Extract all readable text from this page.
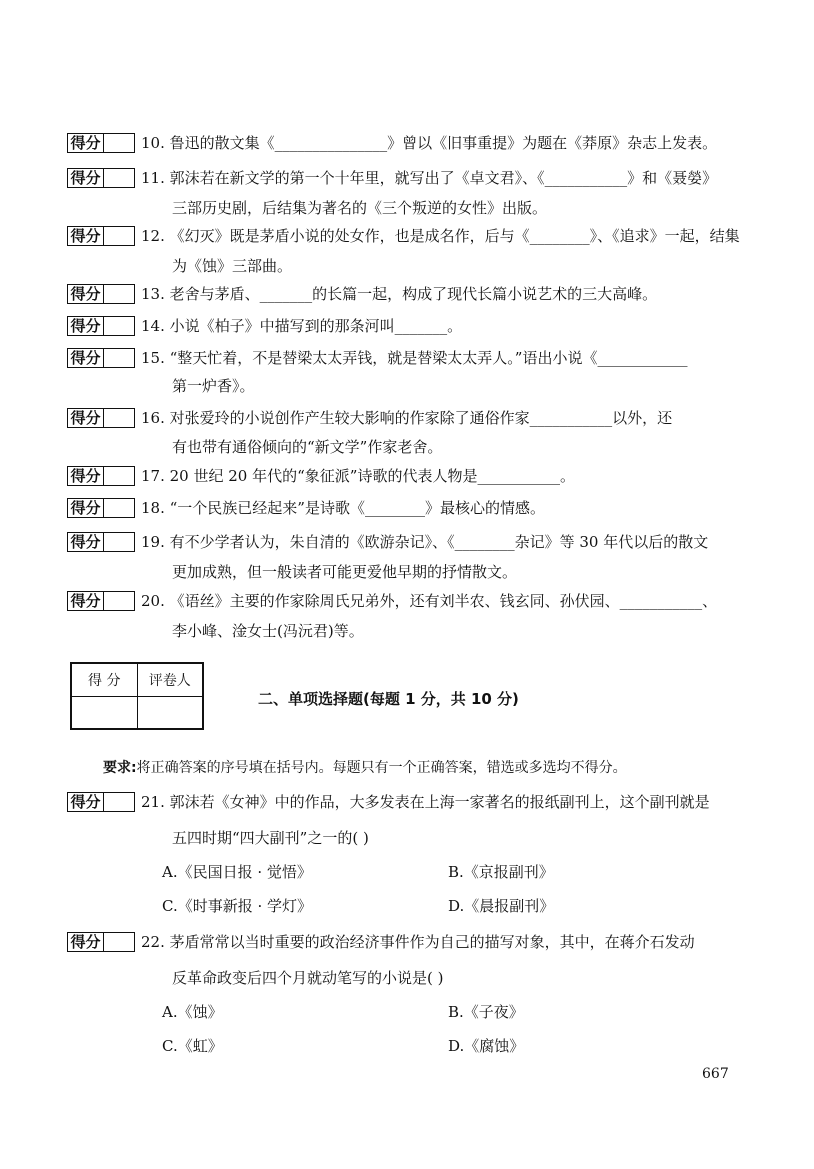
得分	10. 鲁迅的散文集《_______________》曾以《旧事重提》为题在《莽原》杂志上发表。
得分	11. 郭沫若在新文学的第一个十年里，就写出了《卓文君》、《___________》和《聂嫈》
三部历史剧，后结集为著名的《三个叛逆的女性》出版。
得分	12. 《幻灭》既是茅盾小说的处女作，也是成名作，后与《________》、《追求》一起，结集
为《蚀》三部曲。
得分	13. 老舍与茅盾、_______的长篇一起，构成了现代长篇小说艺术的三大高峰。
得分	14. 小说《柏子》中描写到的那条河叫_______。
得分	15. “整天忙着，不是替梁太太弄钱，就是替梁太太弄人。”语出小说《____________
第一炉香》。
得分	16. 对张爱玲的小说创作产生较大影响的作家除了通俗作家___________以外，还
有也带有通俗倾向的“新文学”作家老舍。
得分	17. 20 世纪 20 年代的“象征派”诗歌的代表人物是___________。
得分	18. “一个民族已经起来”是诗歌《________》最核心的情感。
得分	19. 有不少学者认为，朱自清的《欧游杂记》、《________杂记》等 30 年代以后的散文
更加成熟，但一般读者可能更爱他早期的抒情散文。
得分	20. 《语丝》主要的作家除周氏兄弟外，还有刘半农、钱玄同、孙伏园、___________、
李小峰、淦女士(冯沅君)等。
得 分	评卷人

二、单项选择题(每题 1 分，共 10 分)
要求:将正确答案的序号填在括号内。每题只有一个正确答案，错选或多选均不得分。
得分	21. 郭沫若《女神》中的作品，大多发表在上海一家著名的报纸副刊上，这个副刊就是
五四时期“四大副刊”之一的( )
A.《民国日报 · 觉悟》	B.《京报副刊》
C.《时事新报 · 学灯》	D.《晨报副刊》
得分	22. 茅盾常常以当时重要的政治经济事件作为自己的描写对象，其中，在蒋介石发动
反革命政变后四个月就动笔写的小说是( )
A.《蚀》	B.《子夜》
C.《虹》	D.《腐蚀》
667
